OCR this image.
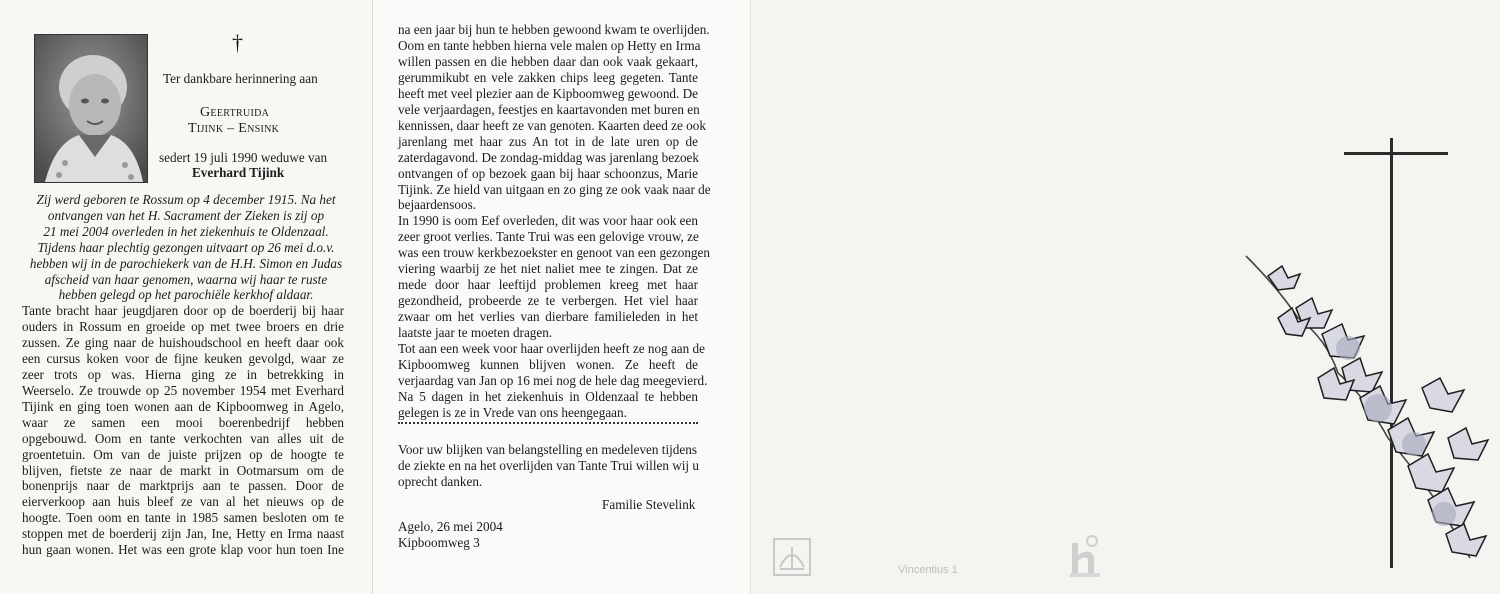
†
Ter dankbare herinnering aan
Geertruida
Tijink – Ensink
sedert 19 juli 1990 weduwe van
Everhard Tijink
Zij werd geboren te Rossum op 4 december 1915. Na het
ontvangen van het H. Sacrament der Zieken is zij op
21 mei 2004 overleden in het ziekenhuis te Oldenzaal.
Tijdens haar plechtig gezongen uitvaart op 26 mei d.o.v.
hebben wij in de parochiekerk van de H.H. Simon en Judas
afscheid van haar genomen, waarna wij haar te ruste
hebben gelegd op het parochiële kerkhof aldaar.
Tante bracht haar jeugdjaren door op de boerderij bij haar
ouders in Rossum en groeide op met twee broers en drie
zussen. Ze ging naar de huishoudschool en heeft daar ook
een cursus koken voor de fijne keuken gevolgd, waar ze
zeer trots op was. Hierna ging ze in betrekking in
Weerselo. Ze trouwde op 25 november 1954 met Everhard
Tijink en ging toen wonen aan de Kipboomweg in Agelo,
waar ze samen een mooi boerenbedrijf hebben
opgebouwd. Oom en tante verkochten van alles uit de
groentetuin. Om van de juiste prijzen op de hoogte te
blijven, fietste ze naar de markt in Ootmarsum om de
bonenprijs naar de marktprijs aan te passen. Door de
eierverkoop aan huis bleef ze van al het nieuws op de
hoogte. Toen oom en tante in 1985 samen besloten om te
stoppen met de boerderij zijn Jan, Ine, Hetty en Irma naast
hun gaan wonen. Het was een grote klap voor hun toen Ine
na een jaar bij hun te hebben gewoond kwam te overlijden.
Oom en tante hebben hierna vele malen op Hetty en Irma
willen passen en die hebben daar dan ook vaak gekaart,
gerummikubt en vele zakken chips leeg gegeten. Tante
heeft met veel plezier aan de Kipboomweg gewoond. De
vele verjaardagen, feestjes en kaartavonden met buren en
kennissen, daar heeft ze van genoten. Kaarten deed ze ook
jarenlang met haar zus An tot in de late uren op de
zaterdagavond. De zondag-middag was jarenlang bezoek
ontvangen of op bezoek gaan bij haar schoonzus, Marie
Tijink. Ze hield van uitgaan en zo ging ze ook vaak naar de
bejaardensoos.
In 1990 is oom Eef overleden, dit was voor haar ook een
zeer groot verlies. Tante Trui was een gelovige vrouw, ze
was een trouw kerkbezoekster en genoot van een gezongen
viering waarbij ze het niet naliet mee te zingen. Dat ze
mede door haar leeftijd problemen kreeg met haar
gezondheid, probeerde ze te verbergen. Het viel haar
zwaar om het verlies van dierbare familieleden in het
laatste jaar te moeten dragen.
Tot aan een week voor haar overlijden heeft ze nog aan de
Kipboomweg kunnen blijven wonen. Ze heeft de
verjaardag van Jan op 16 mei nog de hele dag meegevierd.
Na 5 dagen in het ziekenhuis in Oldenzaal te hebben
gelegen is ze in Vrede van ons heengegaan.
Voor uw blijken van belangstelling en medeleven tijdens
de ziekte en na het overlijden van Tante Trui willen wij u
oprecht danken.
Familie Stevelink
Agelo, 26 mei 2004
Kipboomweg 3
Vincentius 1
